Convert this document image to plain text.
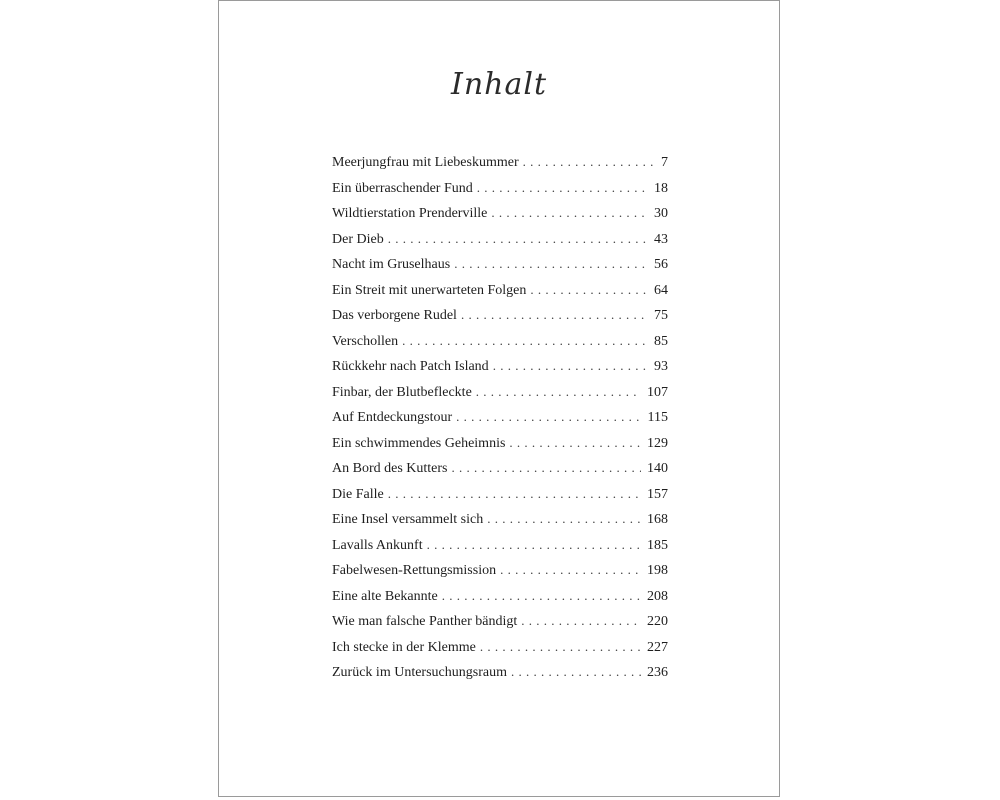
Inhalt
Meerjungfrau mit Liebeskummer . . .	7
Ein überraschender Fund . . .	18
Wildtierstation Prenderville . . .	30
Der Dieb . . .	43
Nacht im Gruselhaus . . .	56
Ein Streit mit unerwarteten Folgen . . .	64
Das verborgene Rudel . . .	75
Verschollen . . .	85
Rückkehr nach Patch Island . . .	93
Finbar, der Blutbefleckte . . .	107
Auf Entdeckungstour . . .	115
Ein schwimmendes Geheimnis . . .	129
An Bord des Kutters . . .	140
Die Falle . . .	157
Eine Insel versammelt sich . . .	168
Lavalls Ankunft . . .	185
Fabelwesen-Rettungsmission . . .	198
Eine alte Bekannte . . .	208
Wie man falsche Panther bändigt . . .	220
Ich stecke in der Klemme . . .	227
Zurück im Untersuchungsraum . . .	236
